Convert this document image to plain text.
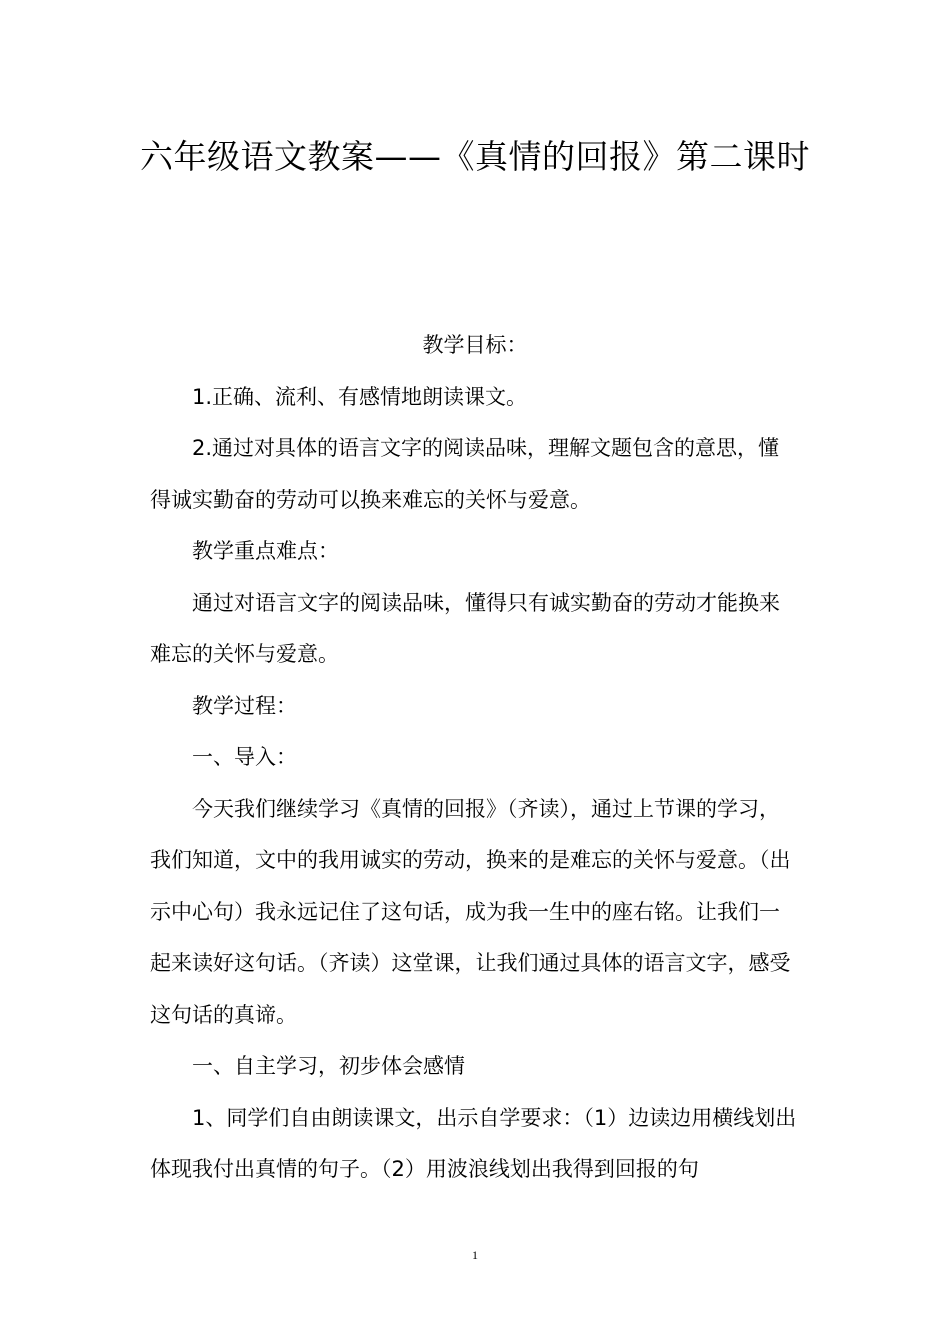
六年级语文教案——《真情的回报》第二课时

教学目标：

1.正确、流利、有感情地朗读课文。

2.通过对具体的语言文字的阅读品味，理解文题包含的意思，懂得诚实勤奋的劳动可以换来难忘的关怀与爱意。

教学重点难点：

通过对语言文字的阅读品味，懂得只有诚实勤奋的劳动才能换来难忘的关怀与爱意。

教学过程：

一、导入：

今天我们继续学习《真情的回报》（齐读），通过上节课的学习，我们知道，文中的我用诚实的劳动，换来的是难忘的关怀与爱意。（出示中心句）我永远记住了这句话，成为我一生中的座右铭。让我们一起来读好这句话。（齐读）这堂课，让我们通过具体的语言文字，感受这句话的真谛。

一、自主学习，初步体会感情

1、同学们自由朗读课文，出示自学要求：（1）边读边用横线划出体现我付出真情的句子。（2）用波浪线划出我得到回报的句

1
